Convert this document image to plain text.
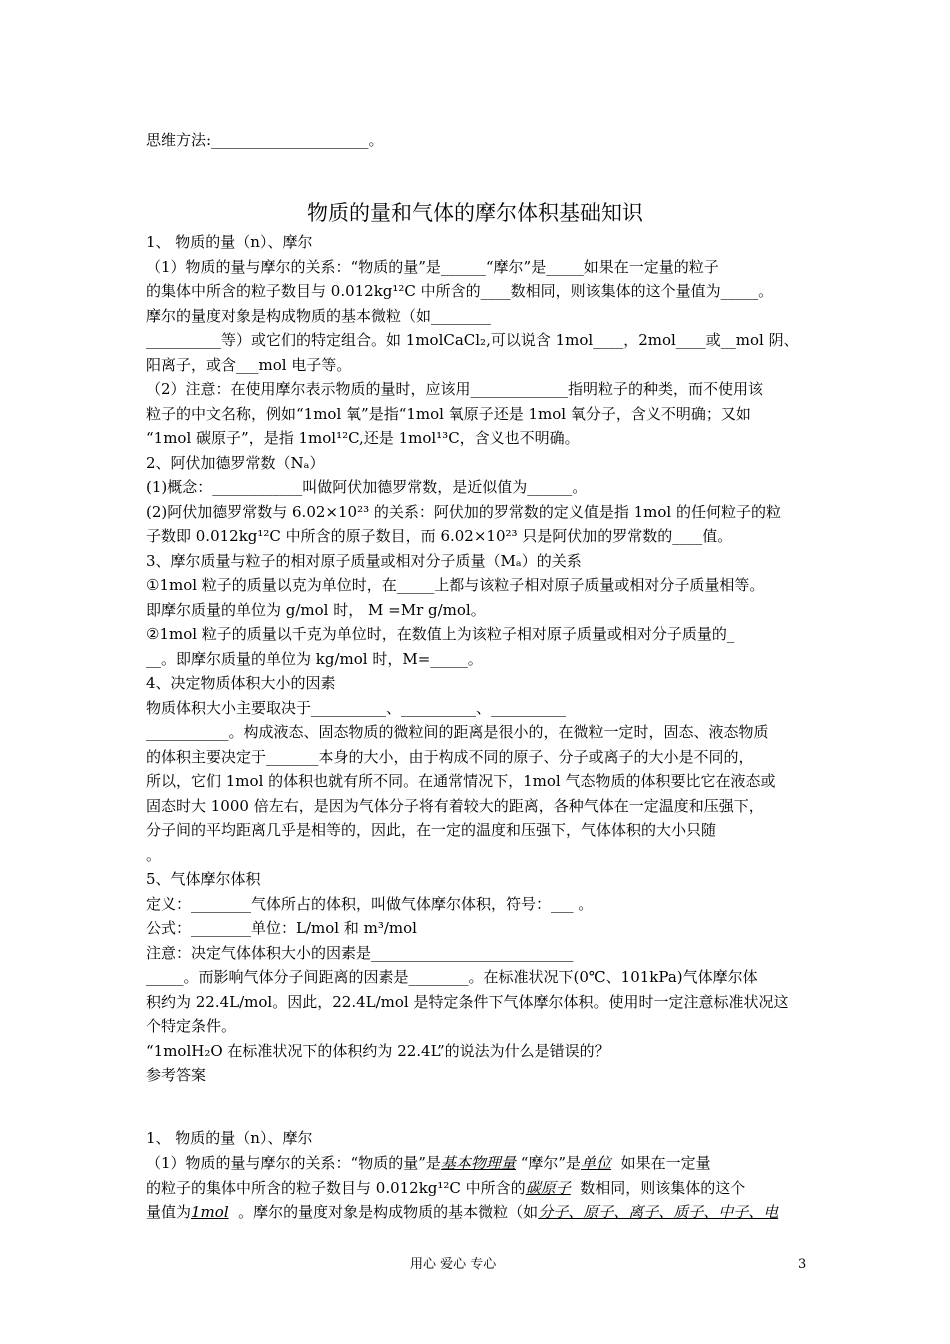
思维方法:_____________________。
物质的量和气体的摩尔体积基础知识
1、 物质的量（n）、摩尔
（1）物质的量与摩尔的关系：“物质的量”是______“摩尔”是_____如果在一定量的粒子
的集体中所含的粒子数目与 0.012kg¹²C 中所含的____数相同，则该集体的这个量值为_____。
摩尔的量度对象是构成物质的基本微粒（如________
__________等）或它们的特定组合。如 1molCaCl₂,可以说含 1mol____，2mol____或__mol 阴、
阳离子，或含___mol 电子等。
（2）注意：在使用摩尔表示物质的量时，应该用_____________指明粒子的种类，而不使用该
粒子的中文名称，例如“1mol 氧”是指“1mol 氧原子还是 1mol 氧分子，含义不明确；又如
“1mol 碳原子”，是指 1mol¹²C,还是 1mol¹³C，含义也不明确。
2、阿伏加德罗常数（Nₐ）
(1)概念：____________叫做阿伏加德罗常数，是近似值为______。
(2)阿伏加德罗常数与 6.02×10²³ 的关系：阿伏加的罗常数的定义值是指 1mol 的任何粒子的粒
子数即 0.012kg¹²C 中所含的原子数目，而 6.02×10²³ 只是阿伏加的罗常数的____值。
3、摩尔质量与粒子的相对原子质量或相对分子质量（Mₐ）的关系
①1mol 粒子的质量以克为单位时，在_____上都与该粒子相对原子质量或相对分子质量相等。
即摩尔质量的单位为 g/mol 时， M =Mr g/mol。
②1mol 粒子的质量以千克为单位时，在数值上为该粒子相对原子质量或相对分子质量的_
__。即摩尔质量的单位为 kg/mol 时，M=_____。
4、决定物质体积大小的因素
物质体积大小主要取决于__________、__________、__________
___________。构成液态、固态物质的微粒间的距离是很小的，在微粒一定时，固态、液态物质
的体积主要决定于_______本身的大小，由于构成不同的原子、分子或离子的大小是不同的，
所以，它们 1mol 的体积也就有所不同。在通常情况下，1mol 气态物质的体积要比它在液态或
固态时大 1000 倍左右，是因为气体分子将有着较大的距离，各种气体在一定温度和压强下，
分子间的平均距离几乎是相等的，因此，在一定的温度和压强下，气体体积的大小只随
。
5、气体摩尔体积
定义：________气体所占的体积，叫做气体摩尔体积，符号：___ 。
公式：________单位：L/mol 和 m³/mol
注意：决定气体体积大小的因素是___________________________
_____。而影响气体分子间距离的因素是________。在标准状况下(0℃、101kPa)气体摩尔体
积约为 22.4L/mol。因此，22.4L/mol 是特定条件下气体摩尔体积。使用时一定注意标准状况这
个特定条件。
“1molH₂O 在标准状况下的体积约为 22.4L”的说法为什么是错误的？
参考答案
1、 物质的量（n）、摩尔
（1）物质的量与摩尔的关系：“物质的量”是基本物理量 “摩尔”是单位 如果在一定量
的粒子的集体中所含的粒子数目与 0.012kg¹²C 中所含的碳原子 数相同，则该集体的这个
量值为1mol 。摩尔的量度对象是构成物质的基本微粒（如分子、原子、离子、质子、中子、电
用心 爱心 专心	3
